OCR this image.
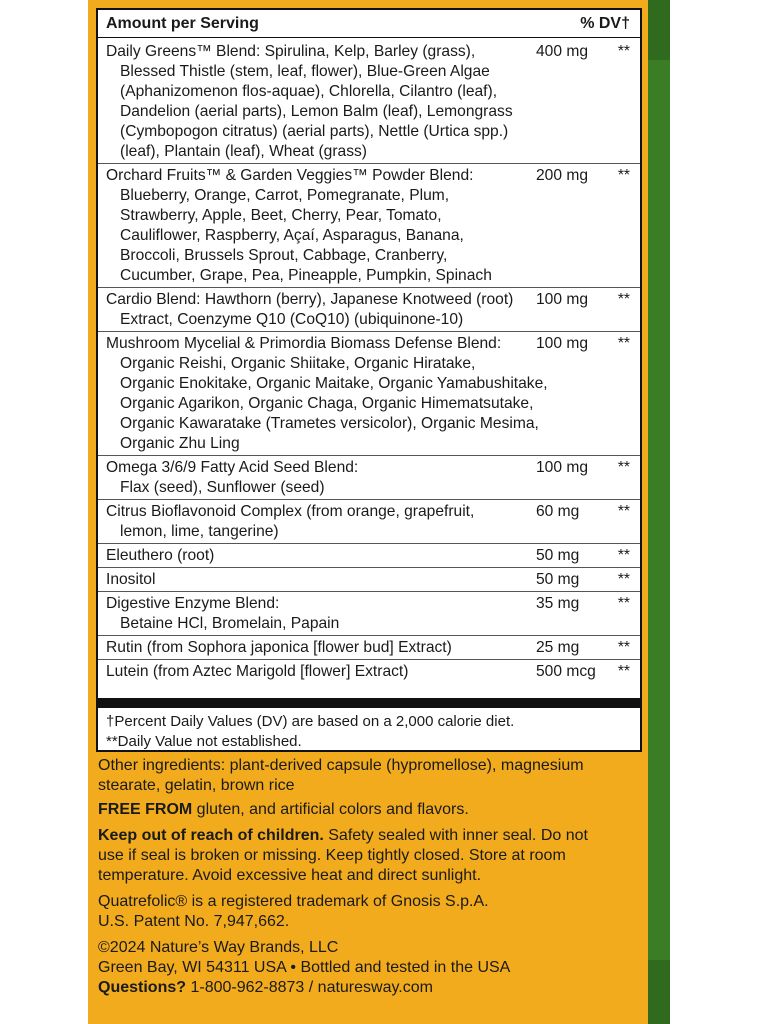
Amount per Serving	% DV†
Daily Greens™ Blend: Spirulina, Kelp, Barley (grass),
Blessed Thistle (stem, leaf, flower), Blue-Green Algae
(Aphanizomenon flos-aquae), Chlorella, Cilantro (leaf),
Dandelion (aerial parts), Lemon Balm (leaf), Lemongrass
(Cymbopogon citratus) (aerial parts), Nettle (Urtica spp.)
(leaf), Plantain (leaf), Wheat (grass)
400 mg **
Orchard Fruits™ & Garden Veggies™ Powder Blend:
Blueberry, Orange, Carrot, Pomegranate, Plum,
Strawberry, Apple, Beet, Cherry, Pear, Tomato,
Cauliflower, Raspberry, Açaí, Asparagus, Banana,
Broccoli, Brussels Sprout, Cabbage, Cranberry,
Cucumber, Grape, Pea, Pineapple, Pumpkin, Spinach
200 mg **
Cardio Blend: Hawthorn (berry), Japanese Knotweed (root)
Extract, Coenzyme Q10 (CoQ10) (ubiquinone-10)
100 mg **
Mushroom Mycelial & Primordia Biomass Defense Blend:
Organic Reishi, Organic Shiitake, Organic Hiratake,
Organic Enokitake, Organic Maitake, Organic Yamabushitake,
Organic Agarikon, Organic Chaga, Organic Himematsutake,
Organic Kawaratake (Trametes versicolor), Organic Mesima,
Organic Zhu Ling
100 mg **
Omega 3/6/9 Fatty Acid Seed Blend:
Flax (seed), Sunflower (seed)
100 mg **
Citrus Bioflavonoid Complex (from orange, grapefruit,
lemon, lime, tangerine)
60 mg **
Eleuthero (root)	50 mg **
Inositol	50 mg **
Digestive Enzyme Blend:
Betaine HCl, Bromelain, Papain
35 mg **
Rutin (from Sophora japonica [flower bud] Extract)	25 mg **
Lutein (from Aztec Marigold [flower] Extract)	500 mcg **
†Percent Daily Values (DV) are based on a 2,000 calorie diet.
**Daily Value not established.
Other ingredients: plant-derived capsule (hypromellose), magnesium
stearate, gelatin, brown rice
FREE FROM gluten, and artificial colors and flavors.
Keep out of reach of children. Safety sealed with inner seal. Do not
use if seal is broken or missing. Keep tightly closed. Store at room
temperature. Avoid excessive heat and direct sunlight.
Quatrefolic® is a registered trademark of Gnosis S.p.A.
U.S. Patent No. 7,947,662.
©2024 Nature’s Way Brands, LLC
Green Bay, WI 54311 USA • Bottled and tested in the USA
Questions? 1-800-962-8873 / naturesway.com
